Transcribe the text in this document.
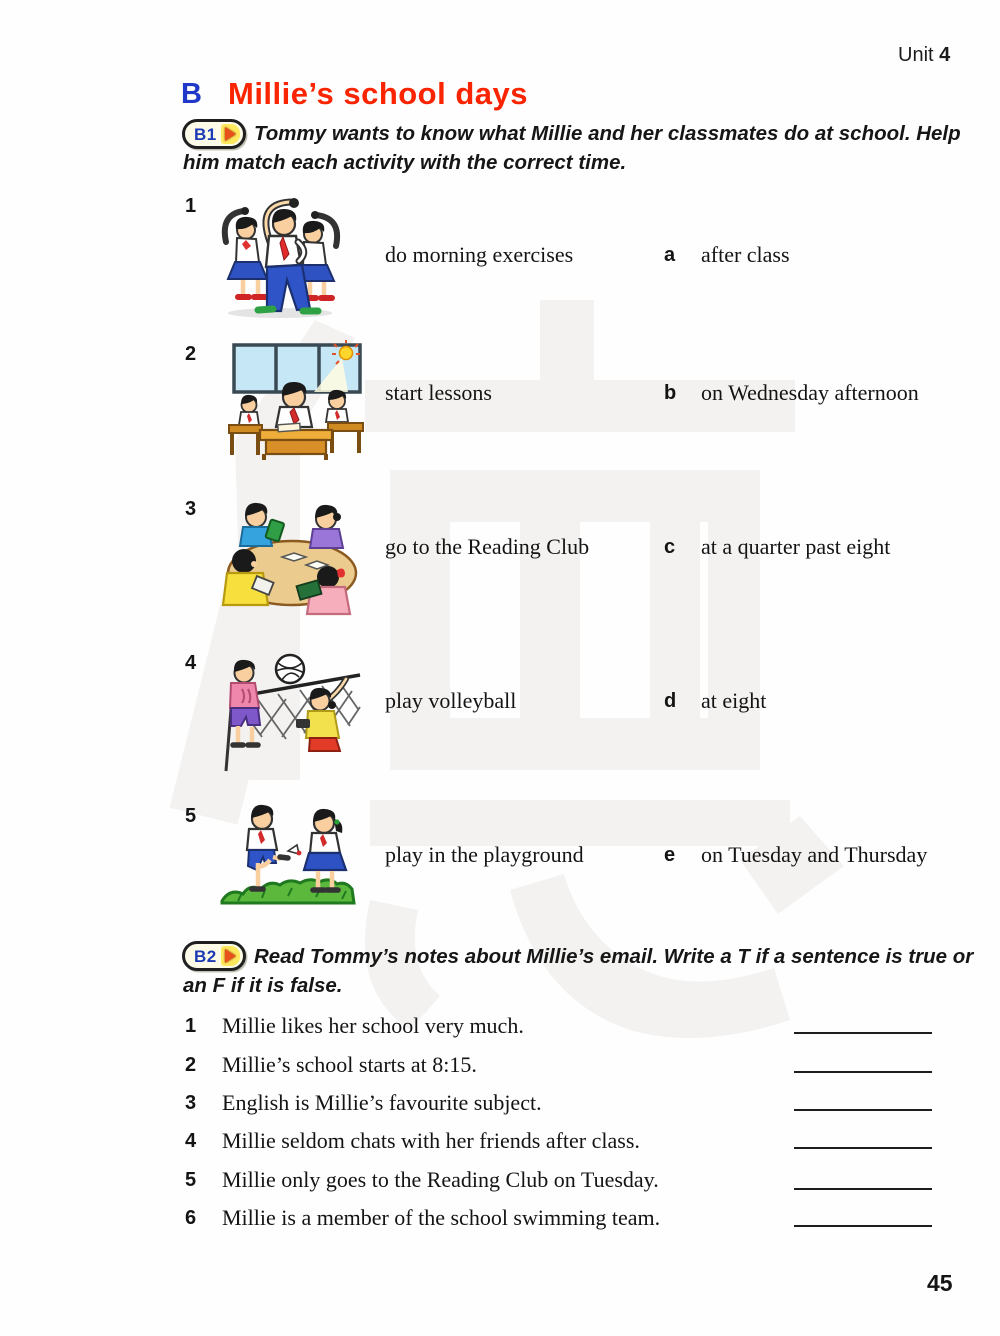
Unit 4
B Millie’s school days
B1 Tommy wants to know what Millie and her classmates do at school. Help
him match each activity with the correct time.
1
do morning exercises	a after class
2
start lessons	b on Wednesday afternoon
3
go to the Reading Club	c at a quarter past eight
4
play volleyball	d at eight
5
play in the playground	e on Tuesday and Thursday
B2 Read Tommy’s notes about Millie’s email. Write a T if a sentence is true or
an F if it is false.
1 Millie likes her school very much.
2 Millie’s school starts at 8:15.
3 English is Millie’s favourite subject.
4 Millie seldom chats with her friends after class.
5 Millie only goes to the Reading Club on Tuesday.
6 Millie is a member of the school swimming team.
45
